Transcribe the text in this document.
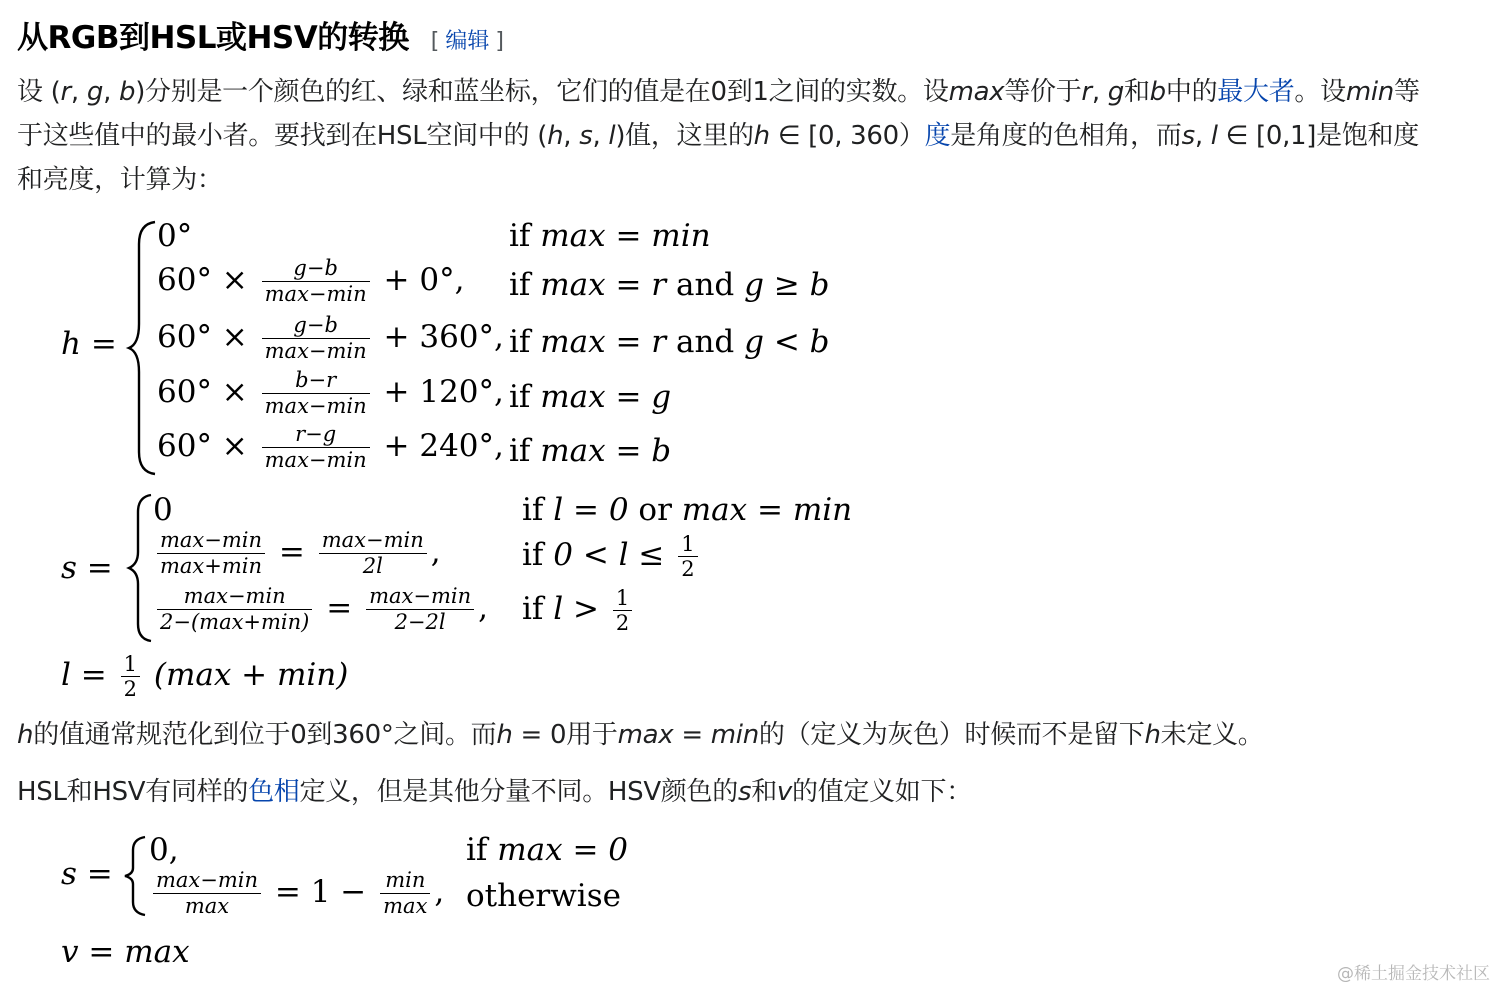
从RGB到HSL或HSV的转换 [ 编辑 ]
设 (r, g, b)分别是一个颜色的红、绿和蓝坐标，它们的值是在0到1之间的实数。设max等价于r, g和b中的最大者。设min等
于这些值中的最小者。要找到在HSL空间中的 (h, s, l)值，这里的h ∈ [0, 360）度是角度的色相角，而s, l ∈ [0,1]是饱和度
和亮度，计算为：
h =
0°	if max = min
$60^\circ \times \frac{g-b}{\max-\min} + 0^\circ$, if max = r and g ≥ b
$60^\circ \times \frac{g-b}{\max-\min} + 360^\circ$, if max = r and g < b
$60^\circ \times \frac{b-r}{\max-\min} + 120^\circ$, if max = g
$60^\circ \times \frac{r-g}{\max-\min} + 240^\circ$, if max = b
s =
0	if l = 0 or max = min
$\frac{\max-\min}{\max+\min} = \frac{\max-\min}{2l}$ ,	if $0 < l \le \frac{1}{2}$
$\frac{\max-\min}{2-(\max+\min)} = \frac{\max-\min}{2-2l}$ , if $l > \frac{1}{2}$
$l = \frac{1}{2} (\max + \min)$
h的值通常规范化到位于0到360°之间。而h = 0用于max = min的（定义为灰色）时候而不是留下h未定义。
HSL和HSV有同样的色相定义，但是其他分量不同。HSV颜色的s和v的值定义如下：
s =
0,	if max = 0
$\frac{\max-\min}{\max} = 1 - \frac{\min}{\max}$ , otherwise
v = max
@稀土掘金技术社区
